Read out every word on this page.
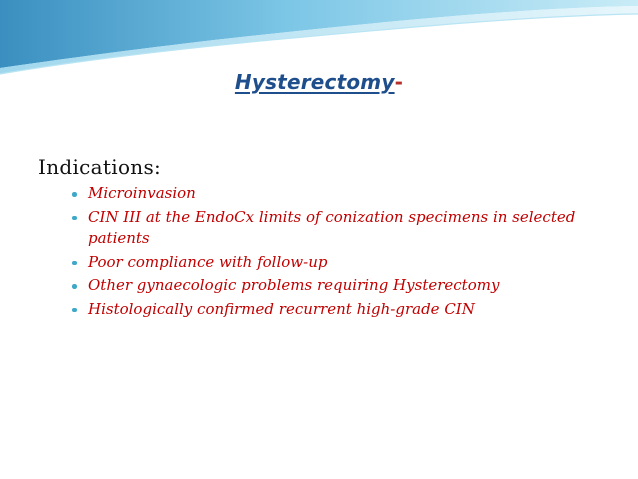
Hysterectomy-
Indications:
Microinvasion
CIN III at the EndoCx limits of conization specimens in selected patients
Poor compliance with follow-up
Other gynaecologic problems requiring Hysterectomy
Histologically confirmed recurrent high-grade CIN
